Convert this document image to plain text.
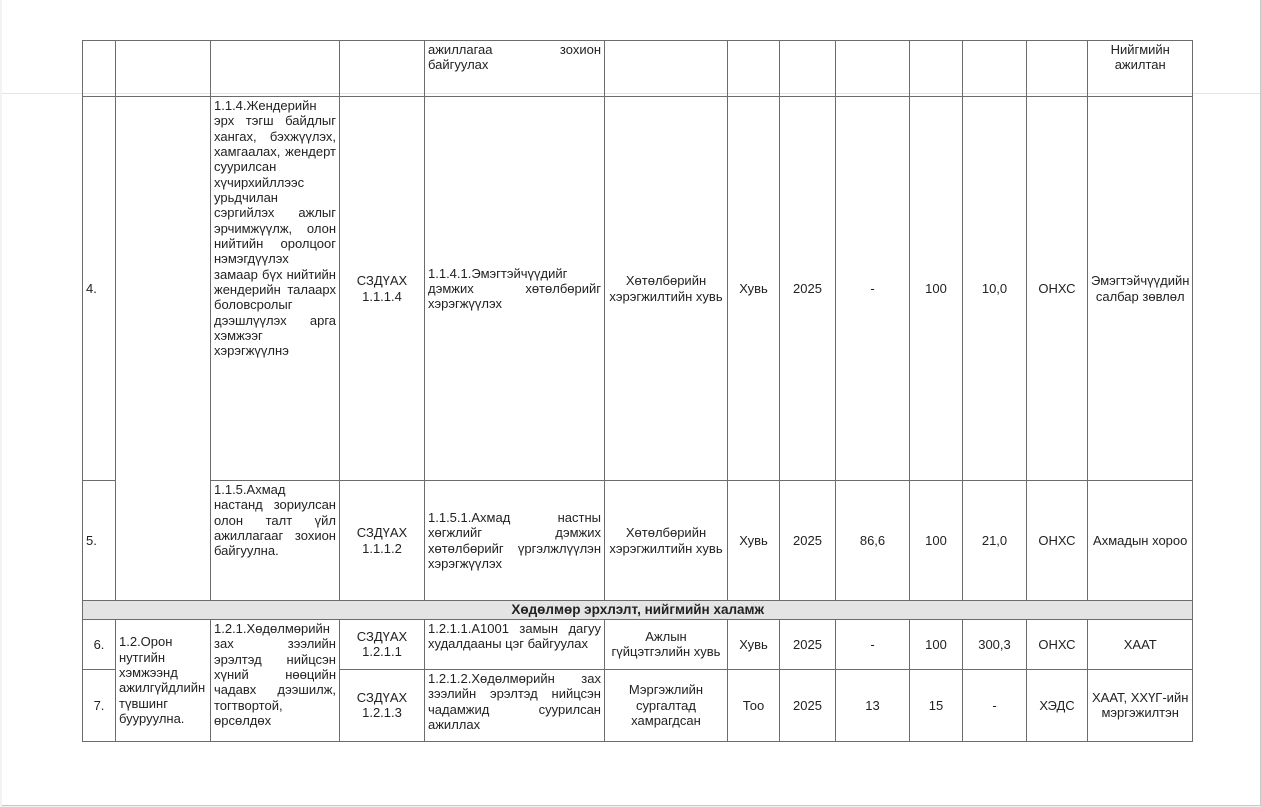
				ажиллагаа зохион байгуулах								Нийгмийн ажилтан
4.		1.1.4.Жендерийн эрх тэгш байдлыг хангах, бэхжүүлэх, хамгаалах, жендерт суурилсан хүчирхийллээс урьдчилан сэргийлэх ажлыг эрчимжүүлж, олон нийтийн оролцоог нэмэгдүүлэх замаар бүх нийтийн жендерийн талаарх боловсролыг дээшлүүлэх арга хэмжээг хэрэгжүүлнэ	СЗДҮАХ 1.1.1.4	1.1.4.1.Эмэгтэйчүүдийг дэмжих хөтөлбөрийг хэрэгжүүлэх	Хөтөлбөрийн хэрэгжилтийн хувь	Хувь	2025	-	100	10,0	ОНХС	Эмэгтэйчүүдийн салбар зөвлөл
5.		1.1.5.Ахмад настанд зориулсан олон талт үйл ажиллагааг зохион байгуулна.	СЗДҮАХ 1.1.1.2	1.1.5.1.Ахмад настны хөгжлийг дэмжих хөтөлбөрийг үргэлжлүүлэн хэрэгжүүлэх	Хөтөлбөрийн хэрэгжилтийн хувь	Хувь	2025	86,6	100	21,0	ОНХС	Ахмадын хороо
Хөдөлмөр эрхлэлт, нийгмийн халамж												
6.	1.2.Орон нутгийн хэмжээнд ажилгүйдлийн түвшинг бууруулна.	1.2.1.Хөдөлмөрийн зах зээлийн эрэлтэд нийцсэн хүний нөөцийн чадавх дээшилж, тогтвортой, өрсөлдөх	СЗДҮАХ 1.2.1.1	1.2.1.1.А1001 замын дагуу худалдааны цэг байгуулах	Ажлын гүйцэтгэлийн хувь	Хувь	2025	-	100	300,3	ОНХС	ХААТ
7.			СЗДҮАХ 1.2.1.3	1.2.1.2.Хөдөлмөрийн зах зээлийн эрэлтэд нийцсэн чадамжид суурилсан ажиллах	Мэргэжлийн сургалтад хамрагдсан	Тоо	2025	13	15	-	ХЭДС	ХААТ, ХХҮГ-ийн мэргэжилтэн
